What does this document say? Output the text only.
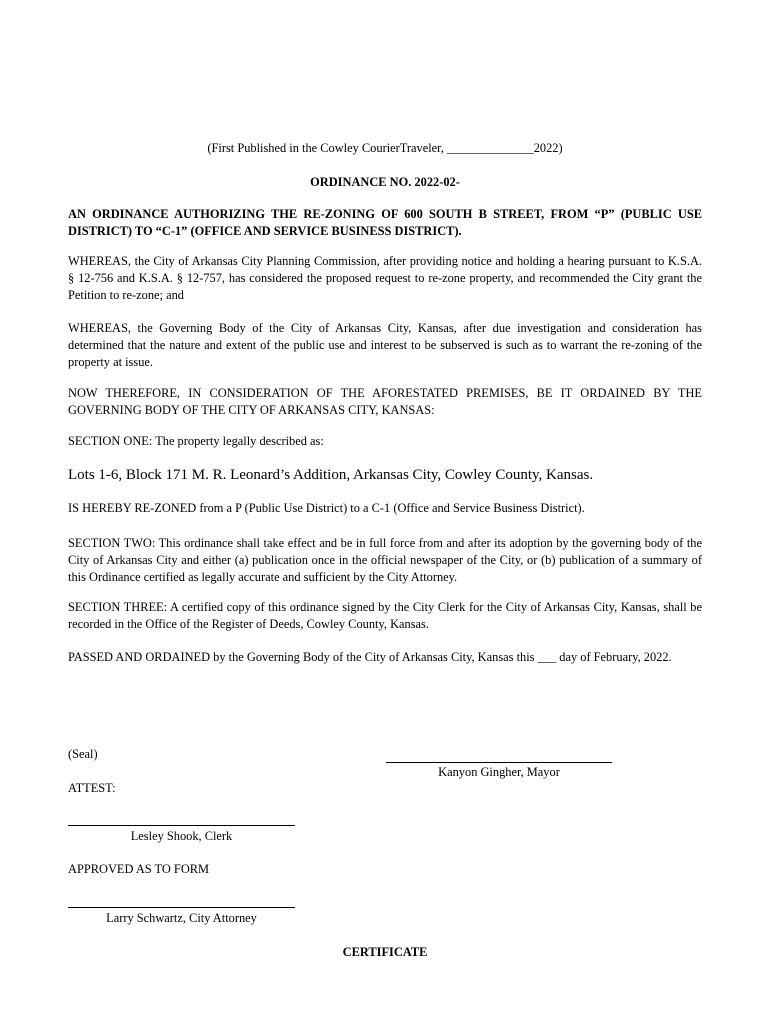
(First Published in the Cowley CourierTraveler, ______________2022)
ORDINANCE NO. 2022-02-
AN ORDINANCE AUTHORIZING THE RE-ZONING OF 600 SOUTH B STREET, FROM “P” (PUBLIC USE DISTRICT) TO “C-1” (OFFICE AND SERVICE BUSINESS DISTRICT).
WHEREAS, the City of Arkansas City Planning Commission, after providing notice and holding a hearing pursuant to K.S.A. § 12-756 and K.S.A. § 12-757, has considered the proposed request to re-zone property, and recommended the City grant the Petition to re-zone; and
WHEREAS, the Governing Body of the City of Arkansas City, Kansas, after due investigation and consideration has determined that the nature and extent of the public use and interest to be subserved is such as to warrant the re-zoning of the property at issue.
NOW THEREFORE, IN CONSIDERATION OF THE AFORESTATED PREMISES, BE IT ORDAINED BY THE GOVERNING BODY OF THE CITY OF ARKANSAS CITY, KANSAS:
SECTION ONE: The property legally described as:
Lots 1-6, Block 171 M. R. Leonard’s Addition, Arkansas City, Cowley County, Kansas.
IS HEREBY RE-ZONED from a P (Public Use District) to a C-1 (Office and Service Business District).
SECTION TWO: This ordinance shall take effect and be in full force from and after its adoption by the governing body of the City of Arkansas City and either (a) publication once in the official newspaper of the City, or (b) publication of a summary of this Ordinance certified as legally accurate and sufficient by the City Attorney.
SECTION THREE: A certified copy of this ordinance signed by the City Clerk for the City of Arkansas City, Kansas, shall be recorded in the Office of the Register of Deeds, Cowley County, Kansas.
PASSED AND ORDAINED by the Governing Body of the City of Arkansas City, Kansas this ___ day of February, 2022.
(Seal)
Kanyon Gingher, Mayor
ATTEST:
Lesley Shook, Clerk
APPROVED AS TO FORM
Larry Schwartz, City Attorney
CERTIFICATE
